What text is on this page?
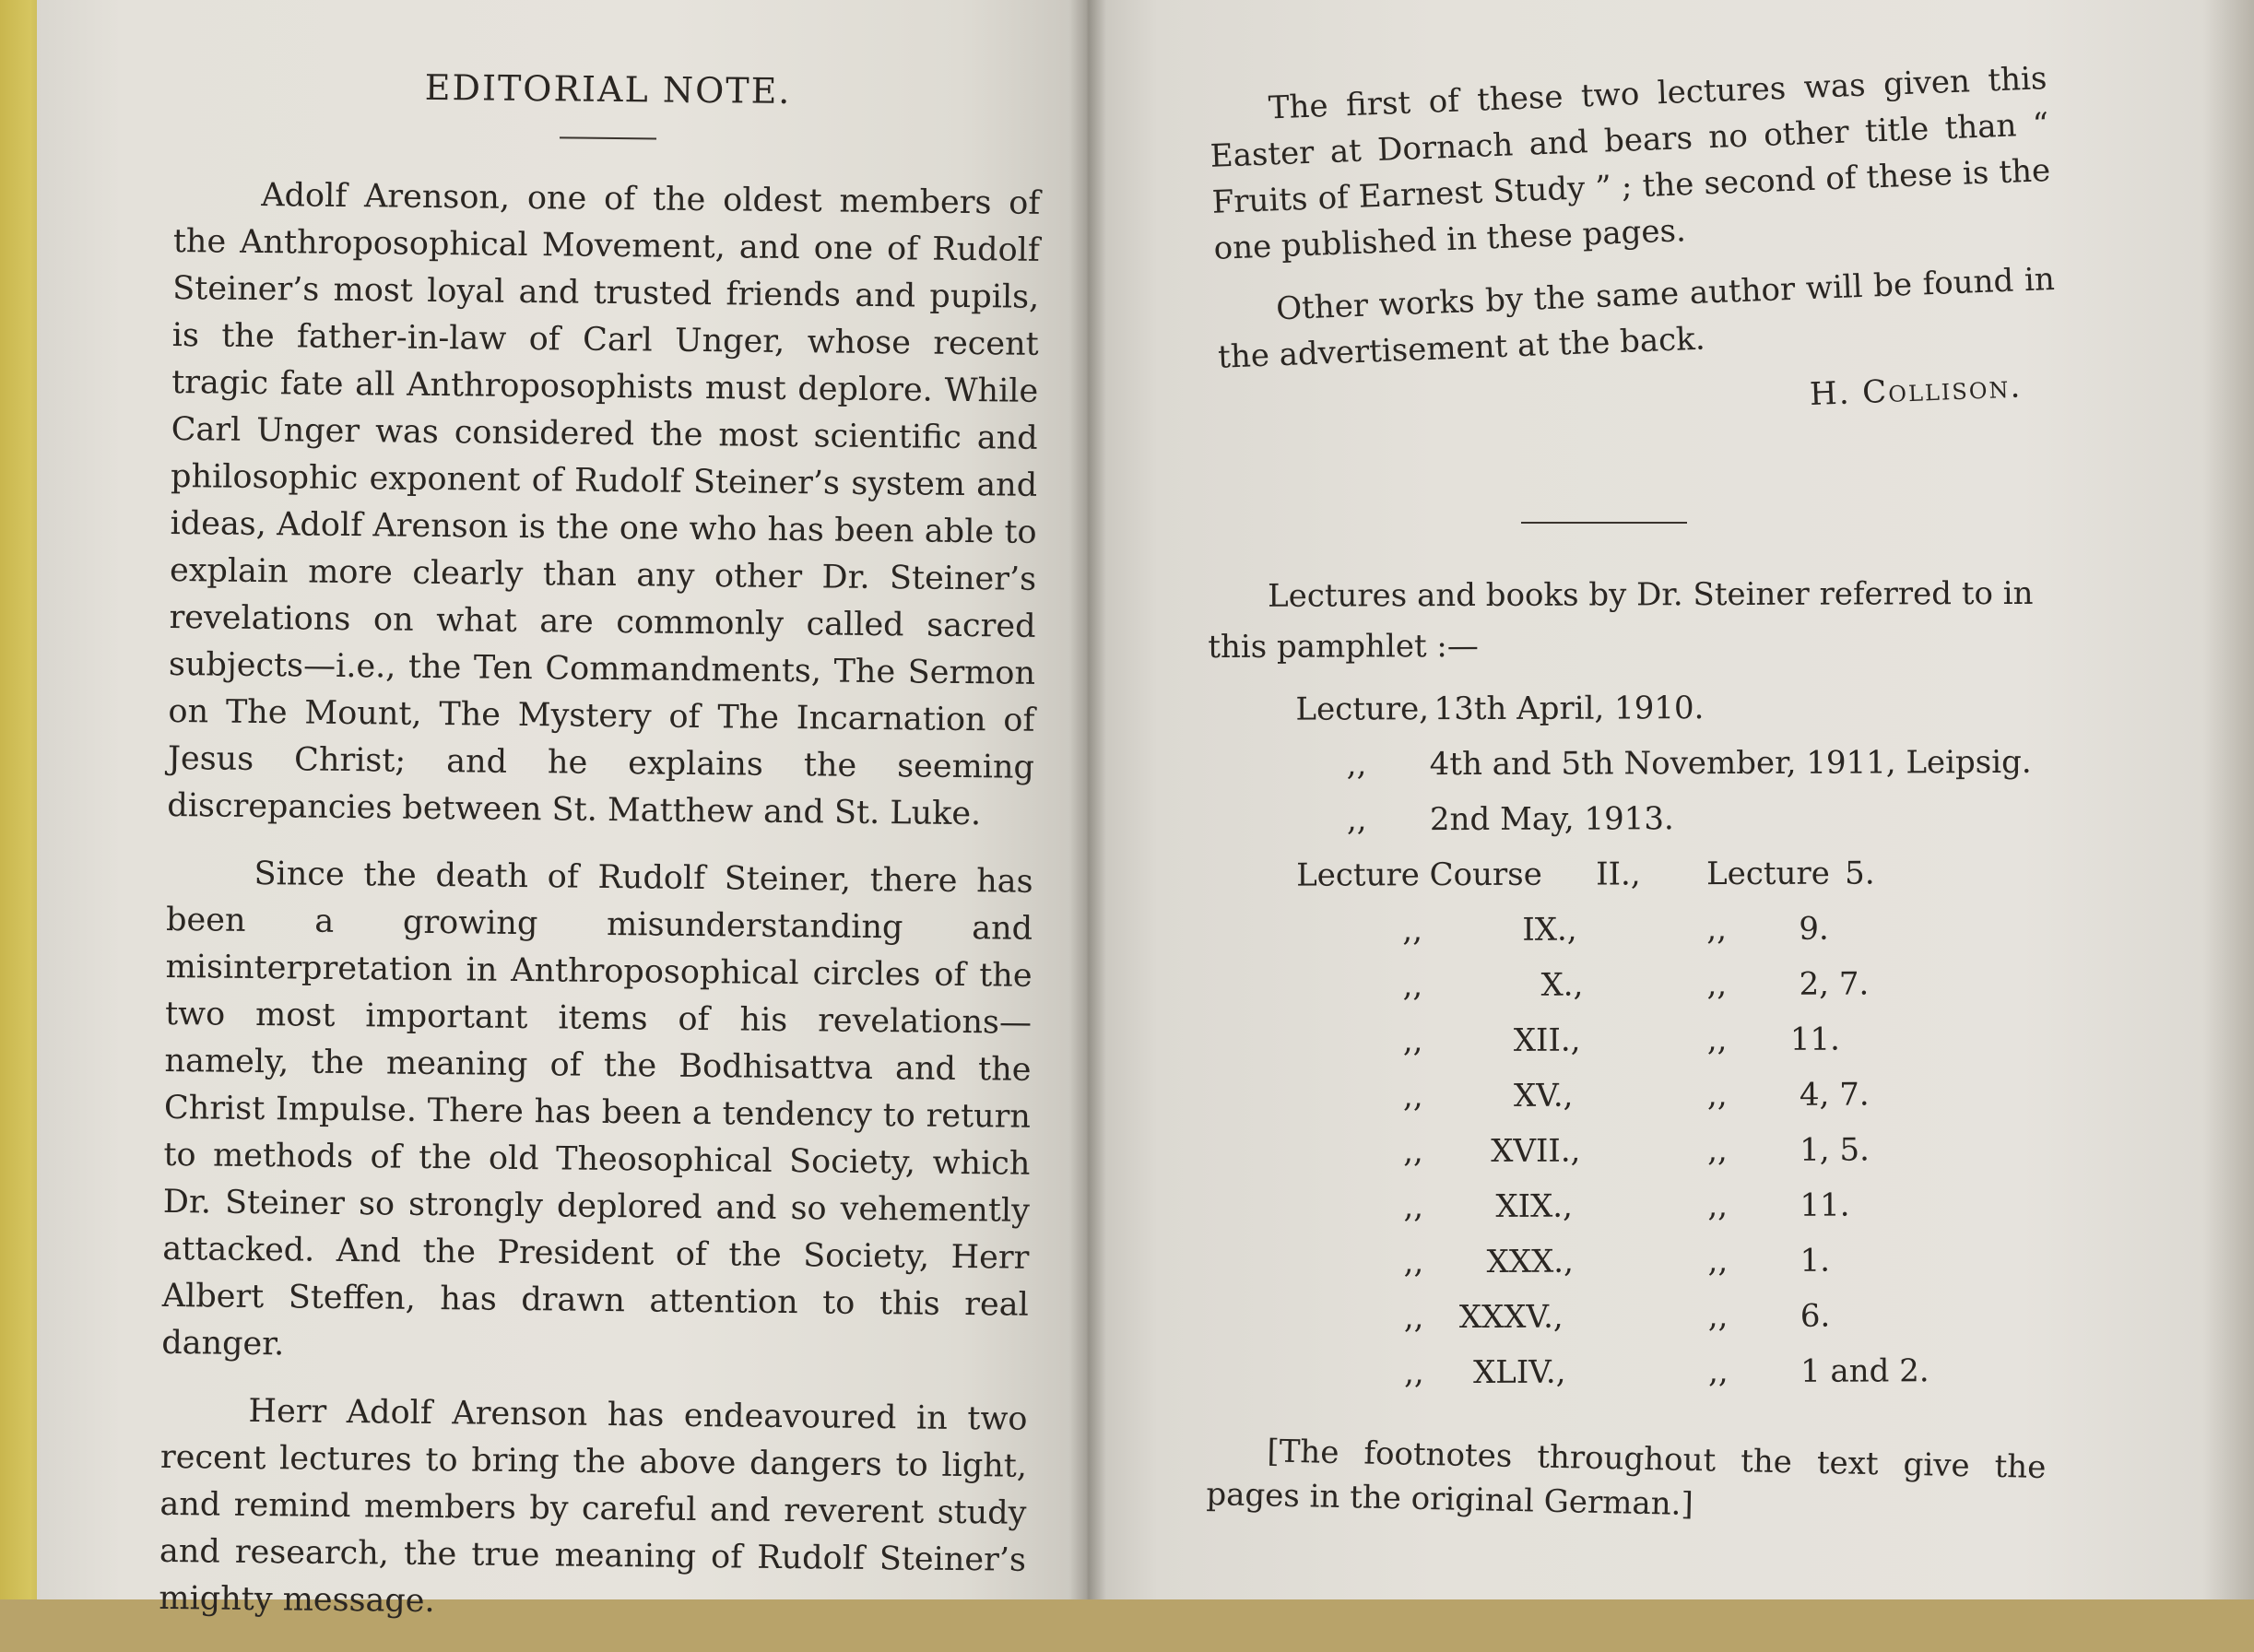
EDITORIAL NOTE.

Adolf Arenson, one of the oldest members of the Anthroposophical Movement, and one of Rudolf Steiner’s most loyal and trusted friends and pupils, is the father-in-law of Carl Unger, whose recent tragic fate all Anthroposophists must deplore. While Carl Unger was considered the most scientific and philosophic exponent of Rudolf Steiner’s system and ideas, Adolf Arenson is the one who has been able to explain more clearly than any other Dr. Steiner’s revelations on what are commonly called sacred subjects—i.e., the Ten Commandments, The Sermon on The Mount, The Mystery of The Incarnation of Jesus Christ; and he explains the seeming discrepancies between St. Matthew and St. Luke.

Since the death of Rudolf Steiner, there has been a growing misunderstanding and misinterpretation in Anthroposophical circles of the two most important items of his revelations—namely, the meaning of the Bodhisattva and the Christ Impulse. There has been a tendency to return to methods of the old Theosophical Society, which Dr. Steiner so strongly deplored and so vehemently attacked. And the President of the Society, Herr Albert Steffen, has drawn attention to this real danger.

Herr Adolf Arenson has endeavoured in two recent lectures to bring the above dangers to light, and remind members by careful and reverent study and research, the true meaning of Rudolf Steiner’s mighty message.

The first of these two lectures was given this Easter at Dornach and bears no other title than “ Fruits of Earnest Study ” ; the second of these is the one published in these pages.

Other works by the same author will be found in the advertisement at the back.

H. Collison.

Lectures and books by Dr. Steiner referred to in this pamphlet :—

Lecture, 13th April, 1910.
,, 4th and 5th November, 1911, Leipsig.
,, 2nd May, 1913.
Lecture Course II., Lecture 5.
,,	IX.,	,, 9.
,,	X.,	,, 2, 7.
,,	XII.,	,, 11.
,,	XV.,	,, 4, 7.
,, XVII.,	,, 1, 5.
,, XIX.,	,, 11.
,, XXX.,	,, 1.
,, XXXV.,	,, 6.
,, XLIV.,	,, 1 and 2.

[The footnotes throughout the text give the pages in the original German.]
